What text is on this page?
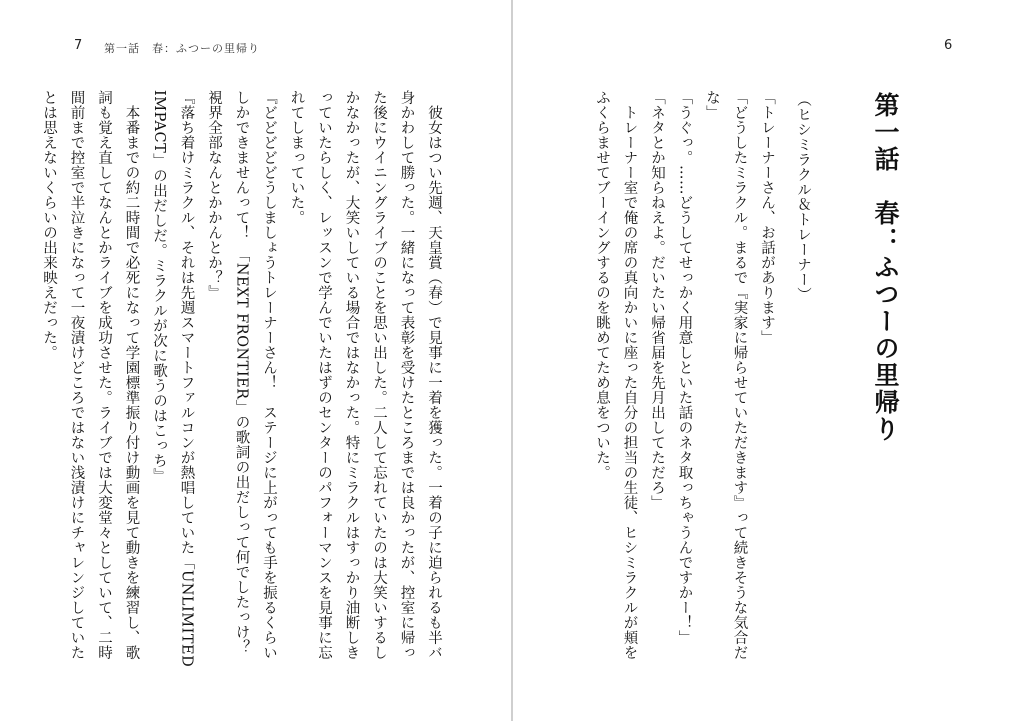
7 第一話　春：ふつーの里帰り

彼女はつい先週、天皇賞（春）で見事に一着を獲った。一着の子に迫られるも半バ身かわして勝った。一緒になって表彰を受けたところまでは良かったが、控室に帰った後にウイニングライブのことを思い出した。二人して忘れていたのは大笑いするしかなかったが、大笑いしている場合ではなかった。特にミラクルはすっかり油断しきっていたらしく、レッスンで学んでいたはずのセンターのパフォーマンスを見事に忘れてしまっていた。

『どどどどどうしましょうトレーナーさん！　ステージに上がっても手を振るくらいしかできませんって！　「NEXT FRONTIER」の歌詞の出だしって何でしたっけ？　視界全部なんとかかんとか？』

『落ち着けミラクル、それは先週スマートファルコンが熱唱していた「UNLIMITED IMPACT」の出だしだ。ミラクルが次に歌うのはこっち』

本番までの約二時間で必死になって学園標準振り付け動画を見て動きを練習し、歌詞も覚え直してなんとかライブを成功させた。ライブでは大変堂々としていて、二時間前まで控室で半泣きになって一夜漬けどころではない浅漬けにチャレンジしていたとは思えないくらいの出来映えだった。

6
第一話　春：ふつーの里帰り
（ヒシミラクル＆トレーナー）

「トレーナーさん、お話があります」

「どうしたミラクル。まるで『実家に帰らせていただきます』って続きそうな気合だな」

「うぐっ。……どうしてせっかく用意しといた話のネタ取っちゃうんですかー！」

「ネタとか知らねえよ。だいたい帰省届を先月出してただろ」

トレーナー室で俺の席の真向かいに座った自分の担当の生徒、ヒシミラクルが頬をふくらませてブーイングするのを眺めてため息をついた。
